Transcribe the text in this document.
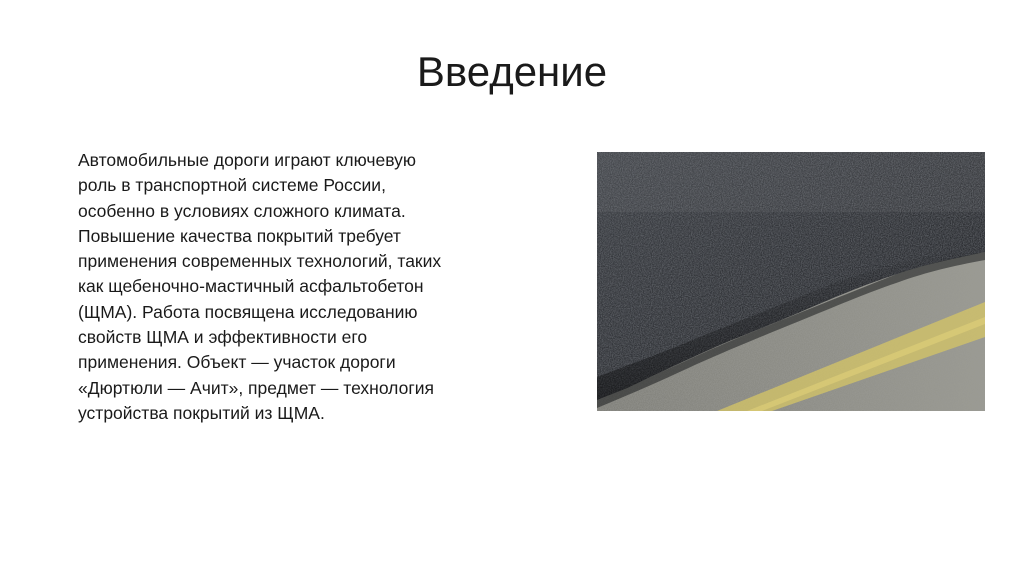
Введение

Автомобильные дороги играют ключевую
роль в транспортной системе России,
особенно в условиях сложного климата.
Повышение качества покрытий требует
применения современных технологий, таких
как щебеночно-мастичный асфальтобетон
(ЩМА). Работа посвящена исследованию
свойств ЩМА и эффективности его
применения. Объект — участок дороги
«Дюртюли — Ачит», предмет — технология
устройства покрытий из ЩМА.
